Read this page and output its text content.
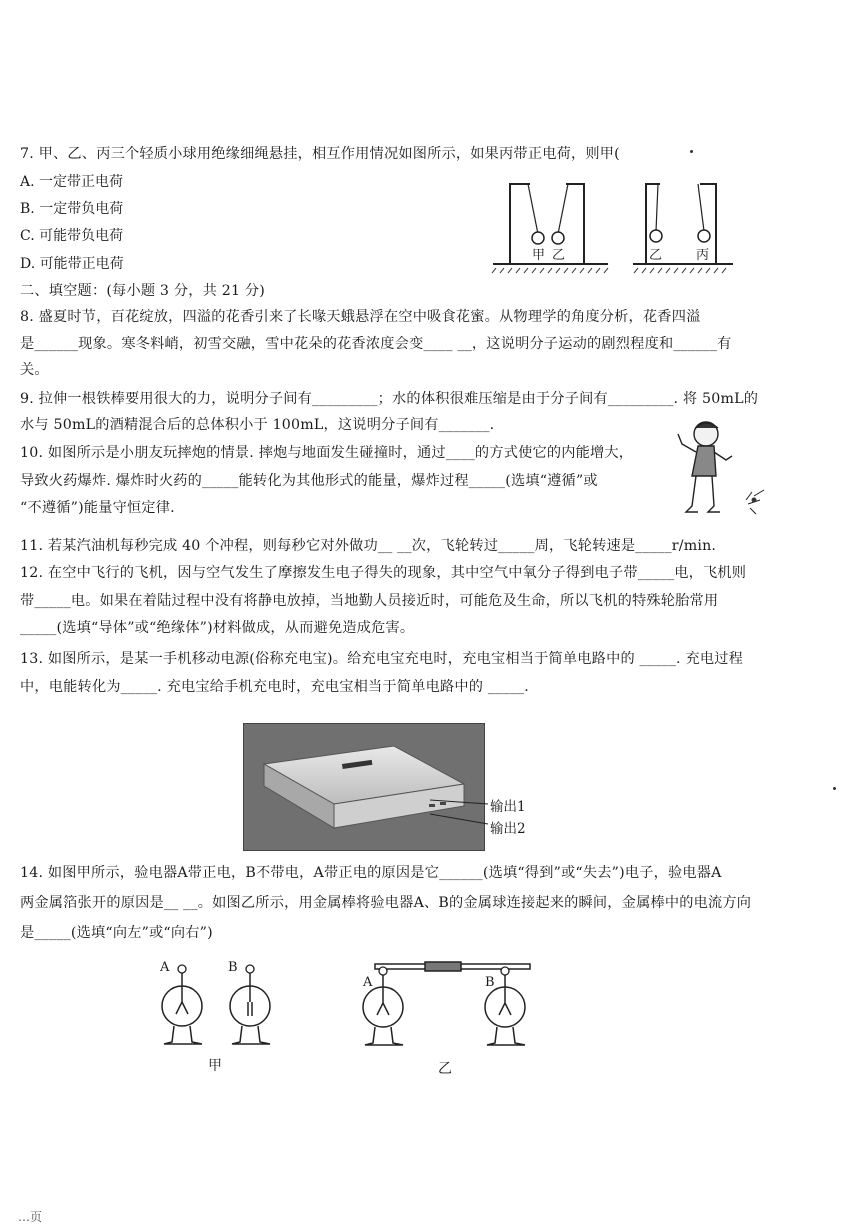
7. 甲、乙、丙三个轻质小球用绝缘细绳悬挂，相互作用情况如图所示，如果丙带正电荷，则甲(
A. 一定带正电荷
B. 一定带负电荷
C. 可能带负电荷
D. 可能带正电荷
甲 乙	乙	丙
二、填空题：(每小题 3 分，共 21 分)
8. 盛夏时节，百花绽放，四溢的花香引来了长喙天蛾悬浮在空中吸食花蜜。从物理学的角度分析，花香四溢
是______现象。寒冬料峭，初雪交融，雪中花朵的花香浓度会变____ __，这说明分子运动的剧烈程度和______有
关。
9. 拉伸一根铁棒要用很大的力，说明分子间有_________；水的体积很难压缩是由于分子间有_________. 将 50mL的
水与 50mL的酒精混合后的总体积小于 100mL，这说明分子间有_______.
10. 如图所示是小朋友玩摔炮的情景. 摔炮与地面发生碰撞时，通过____的方式使它的内能增大，
导致火药爆炸. 爆炸时火药的_____能转化为其他形式的能量，爆炸过程_____(选填“遵循”或
“不遵循”)能量守恒定律.
11. 若某汽油机每秒完成 40 个冲程，则每秒它对外做功__ __次，飞轮转过_____周，飞轮转速是_____r/min.
12. 在空中飞行的飞机，因与空气发生了摩擦发生电子得失的现象，其中空气中氧分子得到电子带_____电，飞机则
带_____电。如果在着陆过程中没有将静电放掉，当地勤人员接近时，可能危及生命，所以飞机的特殊轮胎常用
_____(选填“导体”或“绝缘体”)材料做成，从而避免造成危害。
13. 如图所示，是某一手机移动电源(俗称充电宝)。给充电宝充电时，充电宝相当于简单电路中的 _____. 充电过程
中，电能转化为_____. 充电宝给手机充电时，充电宝相当于简单电路中的 _____.
输出1
输出2
14. 如图甲所示，验电器A带正电，B不带电，A带正电的原因是它______(选填“得到”或“失去”)电子，验电器A
两金属箔张开的原因是__ __。如图乙所示，用金属棒将验电器A、B的金属球连接起来的瞬间，金属棒中的电流方向
是_____(选填“向左”或“向右”)
A	B
甲
A	B
乙
…页
